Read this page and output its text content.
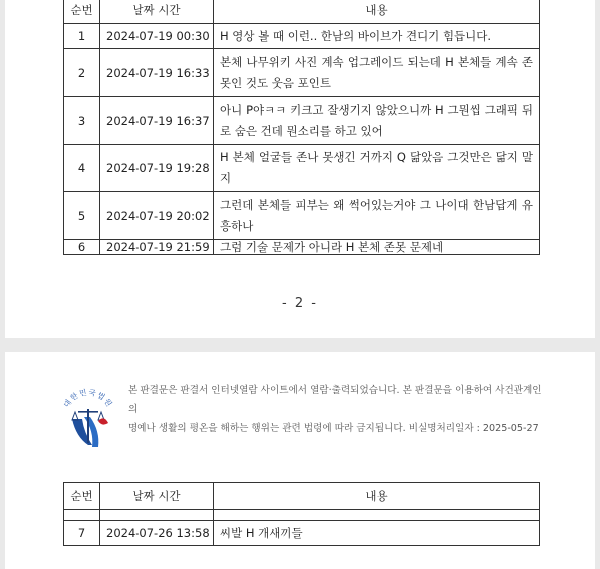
순번	날짜 시간	내용
1	2024-07-19 00:30	H 영상 볼 때 이런.. 한남의 바이브가 견디기 힘듭니다.
2	2024-07-19 16:33	본체 나무위키 사진 계속 업그레이드 되는데 H 본체들 계속 존못인 것도 웃음 포인트
3	2024-07-19 16:37	아니 P야ㅋㅋ 키크고 잘생기지 않았으니까 H 그뭔씹 그래픽 뒤로 숨은 건데 뭔소리를 하고 있어
4	2024-07-19 19:28	H 본체 얼굴들 존나 못생긴 거까지 Q 닮았음 그것만은 닮지 말지
5	2024-07-19 20:02	그런데 본체들 피부는 왜 썩어있는거야 그 나이대 한남답게 유흥하나
6	2024-07-19 21:59	그럼 기술 문제가 아니라 H 본체 존못 문제네
- 2 -
대한민국법원
본 판결문은 판결서 인터넷열람 사이트에서 열람·출력되었습니다. 본 판결문을 이용하여 사건관계인의
명예나 생활의 평온을 해하는 행위는 관련 법령에 따라 금지됩니다. 비실명처리일자 : 2025-05-27
순번	날짜 시간	내용

7	2024-07-26 13:58	씨발 H 개새끼들
